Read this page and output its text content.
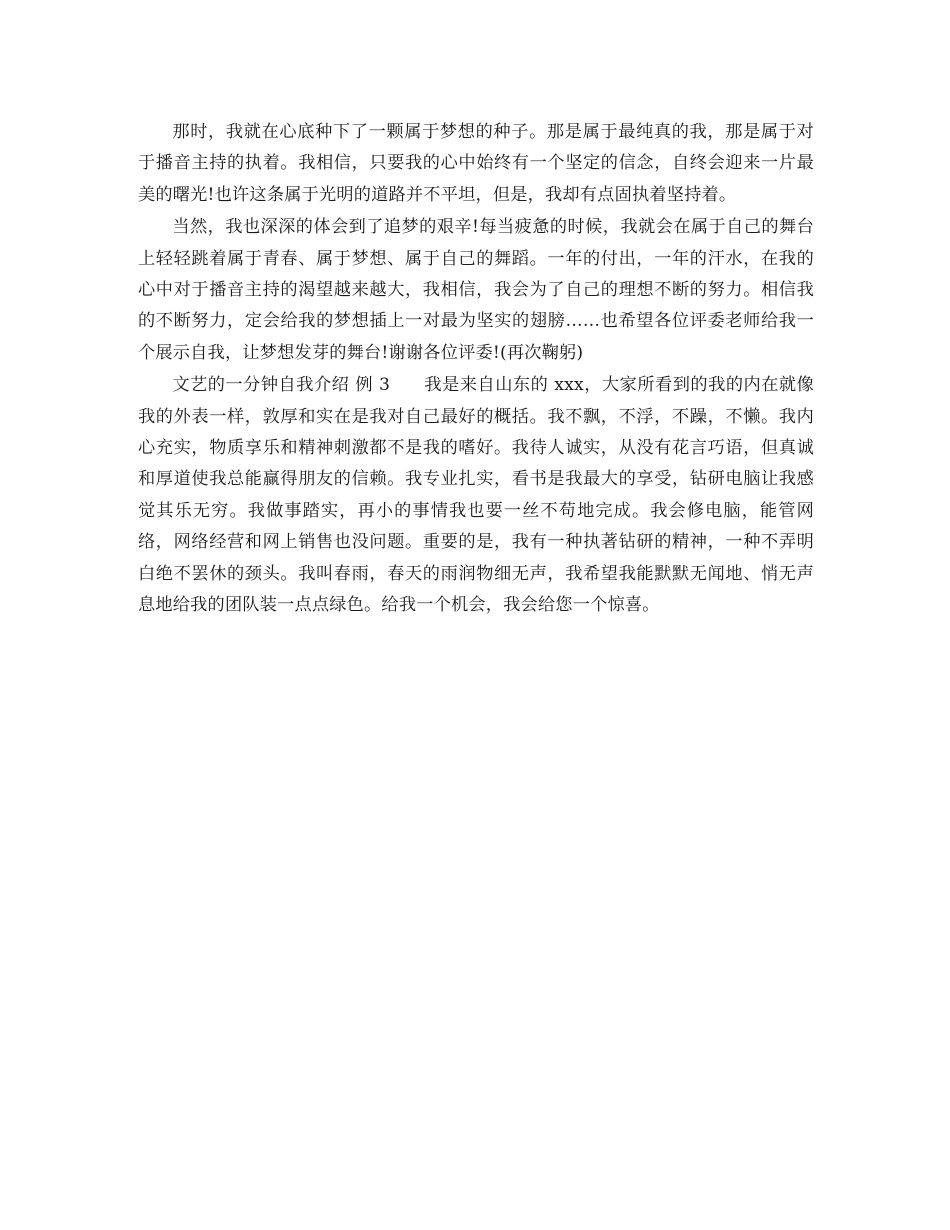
那时，我就在心底种下了一颗属于梦想的种子。那是属于最纯真的我，那是属于对于播音主持的执着。我相信，只要我的心中始终有一个坚定的信念，自终会迎来一片最美的曙光!也许这条属于光明的道路并不平坦，但是，我却有点固执着坚持着。

当然，我也深深的体会到了追梦的艰辛!每当疲惫的时候，我就会在属于自己的舞台上轻轻跳着属于青春、属于梦想、属于自己的舞蹈。一年的付出，一年的汗水，在我的心中对于播音主持的渴望越来越大，我相信，我会为了自己的理想不断的努力。相信我的不断努力，定会给我的梦想插上一对最为坚实的翅膀……也希望各位评委老师给我一个展示自我，让梦想发芽的舞台!谢谢各位评委!(再次鞠躬)

文艺的一分钟自我介绍 例 3 我是来自山东的 xxx，大家所看到的我的内在就像我的外表一样，敦厚和实在是我对自己最好的概括。我不飘，不浮，不躁，不懒。我内心充实，物质享乐和精神刺激都不是我的嗜好。我待人诚实，从没有花言巧语，但真诚和厚道使我总能赢得朋友的信赖。我专业扎实，看书是我最大的享受，钻研电脑让我感觉其乐无穷。我做事踏实，再小的事情我也要一丝不苟地完成。我会修电脑，能管网络，网络经营和网上销售也没问题。重要的是，我有一种执著钻研的精神，一种不弄明白绝不罢休的颈头。我叫春雨，春天的雨润物细无声，我希望我能默默无闻地、悄无声息地给我的团队装一点点绿色。给我一个机会，我会给您一个惊喜。
